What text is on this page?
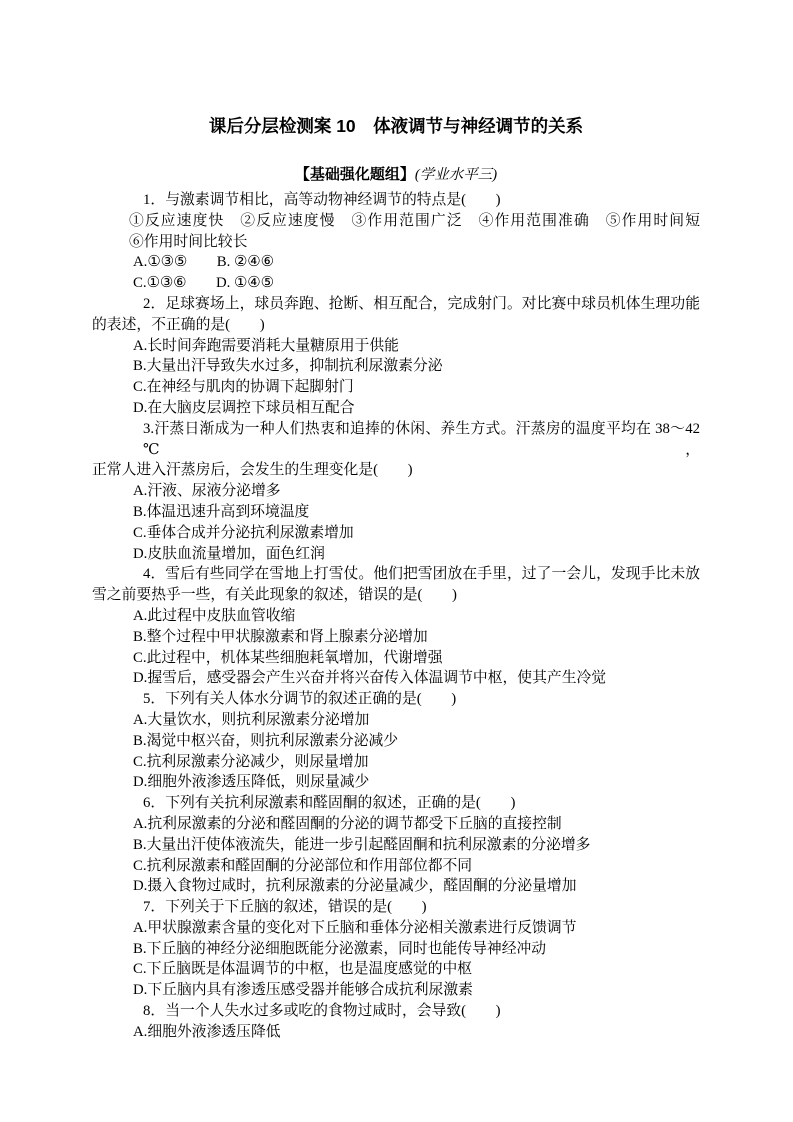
课后分层检测案 10　体液调节与神经调节的关系
【基础强化题组】(学业水平三)
1．与激素调节相比，高等动物神经调节的特点是(　　)
①反应速度快　②反应速度慢　③作用范围广泛　④作用范围准确　⑤作用时间短
⑥作用时间比较长
A.①③⑤　　B. ②④⑥
C.①③⑥　　D. ①④⑤
2．足球赛场上，球员奔跑、抢断、相互配合，完成射门。对比赛中球员机体生理功能
的表述，不正确的是(　　)
A.长时间奔跑需要消耗大量糖原用于供能
B.大量出汗导致失水过多，抑制抗利尿激素分泌
C.在神经与肌肉的协调下起脚射门
D.在大脑皮层调控下球员相互配合
3.汗蒸日渐成为一种人们热衷和追捧的休闲、养生方式。汗蒸房的温度平均在 38～42 ℃，
正常人进入汗蒸房后，会发生的生理变化是(　　)
A.汗液、尿液分泌增多
B.体温迅速升高到环境温度
C.垂体合成并分泌抗利尿激素增加
D.皮肤血流量增加，面色红润
4．雪后有些同学在雪地上打雪仗。他们把雪团放在手里，过了一会儿，发现手比未放
雪之前要热乎一些，有关此现象的叙述，错误的是(　　)
A.此过程中皮肤血管收缩
B.整个过程中甲状腺激素和肾上腺素分泌增加
C.此过程中，机体某些细胞耗氧增加，代谢增强
D.握雪后，感受器会产生兴奋并将兴奋传入体温调节中枢，使其产生冷觉
5．下列有关人体水分调节的叙述正确的是(　　)
A.大量饮水，则抗利尿激素分泌增加
B.渴觉中枢兴奋，则抗利尿激素分泌减少
C.抗利尿激素分泌减少，则尿量增加
D.细胞外液渗透压降低，则尿量减少
6．下列有关抗利尿激素和醛固酮的叙述，正确的是(　　)
A.抗利尿激素的分泌和醛固酮的分泌的调节都受下丘脑的直接控制
B.大量出汗使体液流失，能进一步引起醛固酮和抗利尿激素的分泌增多
C.抗利尿激素和醛固酮的分泌部位和作用部位都不同
D.摄入食物过咸时，抗利尿激素的分泌量减少，醛固酮的分泌量增加
7．下列关于下丘脑的叙述，错误的是(　　)
A.甲状腺激素含量的变化对下丘脑和垂体分泌相关激素进行反馈调节
B.下丘脑的神经分泌细胞既能分泌激素，同时也能传导神经冲动
C.下丘脑既是体温调节的中枢，也是温度感觉的中枢
D.下丘脑内具有渗透压感受器并能够合成抗利尿激素
8．当一个人失水过多或吃的食物过咸时，会导致(　　)
A.细胞外液渗透压降低
